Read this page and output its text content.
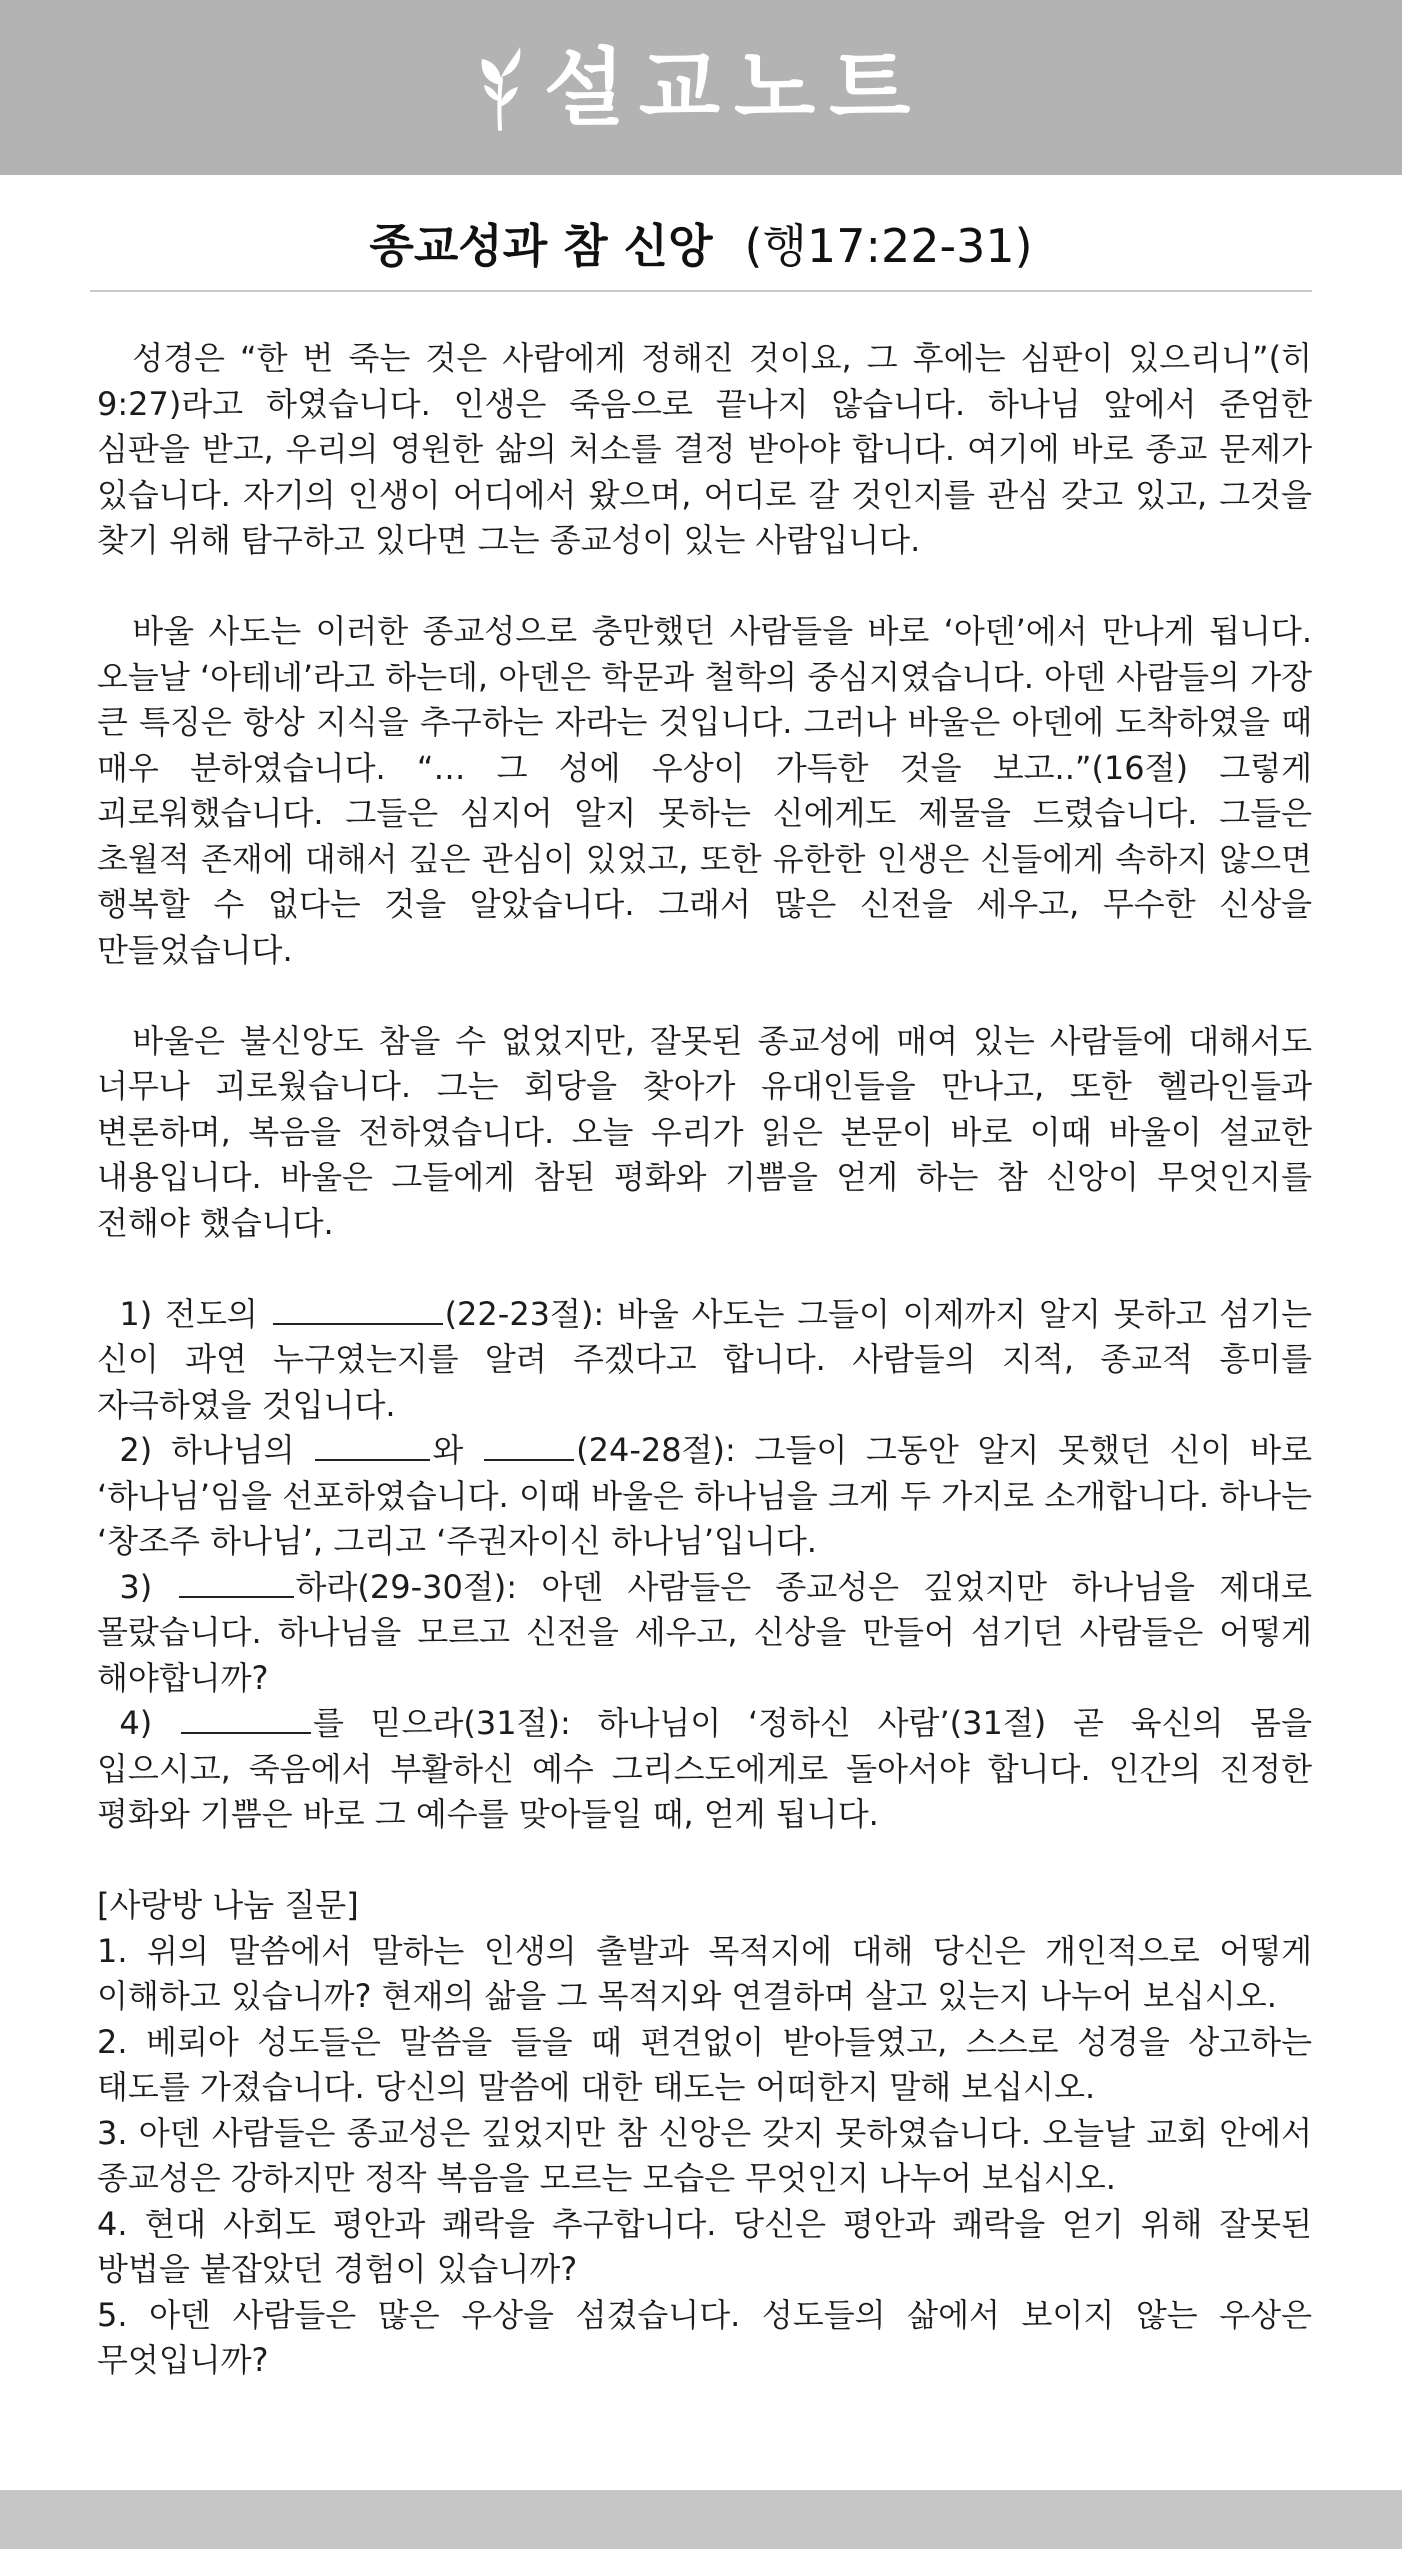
설교노트
종교성과 참 신앙 (행17:22-31)

성경은 “한 번 죽는 것은 사람에게 정해진 것이요, 그 후에는 심판이 있으리니”(히 9:27)라고 하였습니다. 인생은 죽음으로 끝나지 않습니다. 하나님 앞에서 준엄한 심판을 받고, 우리의 영원한 삶의 처소를 결정 받아야 합니다. 여기에 바로 종교 문제가 있습니다. 자기의 인생이 어디에서 왔으며, 어디로 갈 것인지를 관심 갖고 있고, 그것을 찾기 위해 탐구하고 있다면 그는 종교성이 있는 사람입니다.

바울 사도는 이러한 종교성으로 충만했던 사람들을 바로 ‘아덴’에서 만나게 됩니다. 오늘날 ‘아테네’라고 하는데, 아덴은 학문과 철학의 중심지였습니다. 아덴 사람들의 가장 큰 특징은 항상 지식을 추구하는 자라는 것입니다. 그러나 바울은 아덴에 도착하였을 때 매우 분하였습니다. “… 그 성에 우상이 가득한 것을 보고..”(16절) 그렇게 괴로워했습니다. 그들은 심지어 알지 못하는 신에게도 제물을 드렸습니다. 그들은 초월적 존재에 대해서 깊은 관심이 있었고, 또한 유한한 인생은 신들에게 속하지 않으면 행복할 수 없다는 것을 알았습니다. 그래서 많은 신전을 세우고, 무수한 신상을 만들었습니다.

바울은 불신앙도 참을 수 없었지만, 잘못된 종교성에 매여 있는 사람들에 대해서도 너무나 괴로웠습니다. 그는 회당을 찾아가 유대인들을 만나고, 또한 헬라인들과 변론하며, 복음을 전하였습니다. 오늘 우리가 읽은 본문이 바로 이때 바울이 설교한 내용입니다. 바울은 그들에게 참된 평화와 기쁨을 얻게 하는 참 신앙이 무엇인지를 전해야 했습니다.

1) 전도의	(22-23절): 바울 사도는 그들이 이제까지 알지 못하고 섬기는 신이 과연 누구였는지를 알려 주겠다고 합니다. 사람들의 지적, 종교적 흥미를 자극하였을 것입니다.

2) 하나님의	와	(24-28절): 그들이 그동안 알지 못했던 신이 바로 ‘하나님’임을 선포하였습니다. 이때 바울은 하나님을 크게 두 가지로 소개합니다. 하나는 ‘창조주 하나님’, 그리고 ‘주권자이신 하나님’입니다.

3)	하라(29-30절): 아덴 사람들은 종교성은 깊었지만 하나님을 제대로 몰랐습니다. 하나님을 모르고 신전을 세우고, 신상을 만들어 섬기던 사람들은 어떻게 해야합니까?

4)	를 믿으라(31절): 하나님이 ‘정하신 사람’(31절) 곧 육신의 몸을 입으시고, 죽음에서 부활하신 예수 그리스도에게로 돌아서야 합니다. 인간의 진정한 평화와 기쁨은 바로 그 예수를 맞아들일 때, 얻게 됩니다.

[사랑방 나눔 질문]

1. 위의 말씀에서 말하는 인생의 출발과 목적지에 대해 당신은 개인적으로 어떻게 이해하고 있습니까? 현재의 삶을 그 목적지와 연결하며 살고 있는지 나누어 보십시오.

2. 베뢰아 성도들은 말씀을 들을 때 편견없이 받아들였고, 스스로 성경을 상고하는 태도를 가졌습니다. 당신의 말씀에 대한 태도는 어떠한지 말해 보십시오.

3. 아덴 사람들은 종교성은 깊었지만 참 신앙은 갖지 못하였습니다. 오늘날 교회 안에서 종교성은 강하지만 정작 복음을 모르는 모습은 무엇인지 나누어 보십시오.

4. 현대 사회도 평안과 쾌락을 추구합니다. 당신은 평안과 쾌락을 얻기 위해 잘못된 방법을 붙잡았던 경험이 있습니까?

5. 아덴 사람들은 많은 우상을 섬겼습니다. 성도들의 삶에서 보이지 않는 우상은 무엇입니까?
